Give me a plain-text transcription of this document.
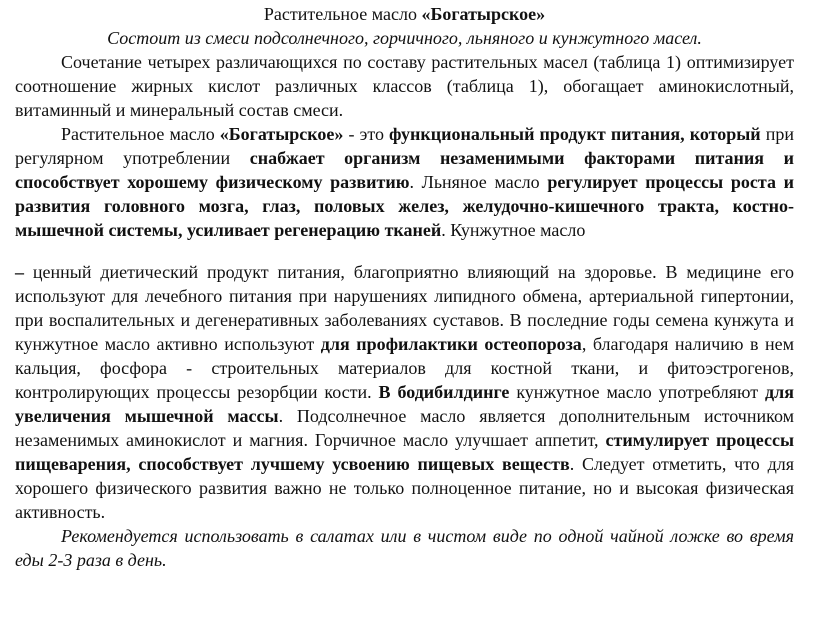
Растительное масло «Богатырское»

Состоит из смеси подсолнечного, горчичного, льняного и кунжутного масел.

Сочетание четырех различающихся по составу растительных масел (таблица 1) оптимизирует соотношение жирных кислот различных классов (таблица 1), обогащает аминокислотный, витаминный и минеральный состав смеси.

Растительное масло «Богатырское» - это функциональный продукт питания, который при регулярном употреблении снабжает организм незаменимыми факторами питания и способствует хорошему физическому развитию. Льняное масло регулирует процессы роста и развития головного мозга, глаз, половых желез, желудочно-кишечного тракта, костно-мышечной системы, усиливает регенерацию тканей. Кунжутное масло

– ценный диетический продукт питания, благоприятно влияющий на здоровье. В медицине его используют для лечебного питания при нарушениях липидного обмена, артериальной гипертонии, при воспалительных и дегенеративных заболеваниях суставов. В последние годы семена кунжута и кунжутное масло активно используют для профилактики остеопороза, благодаря наличию в нем кальция, фосфора - строительных материалов для костной ткани, и фитоэстрогенов, контролирующих процессы резорбции кости. В бодибилдинге кунжутное масло употребляют для увеличения мышечной массы. Подсолнечное масло является дополнительным источником незаменимых аминокислот и магния. Горчичное масло улучшает аппетит, стимулирует процессы пищеварения, способствует лучшему усвоению пищевых веществ. Следует отметить, что для хорошего физического развития важно не только полноценное питание, но и высокая физическая активность.

Рекомендуется использовать в салатах или в чистом виде по одной чайной ложке во время еды 2-3 раза в день.
